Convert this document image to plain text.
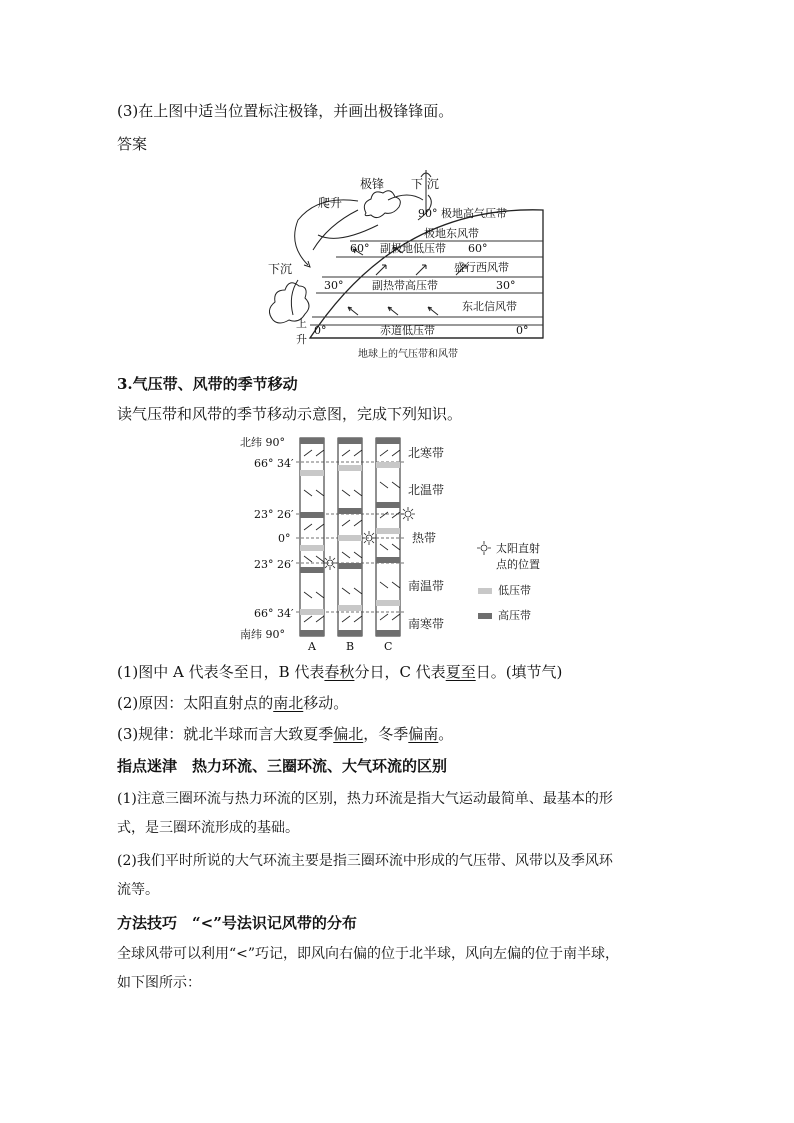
(3)在上图中适当位置标注极锋，并画出极锋锋面。
答案
极锋 下 沉
爬升
90° 极地高气压带
极地东风带
60° 副极地低压带 60°
盛行西风带
下沉
30°	副热带高压带	30°
东北信风带
上
升
0°	赤道低压带	0°
地球上的气压带和风带
3.气压带、风带的季节移动
读气压带和风带的季节移动示意图，完成下列知识。
北纬 90°
66° 34′
23° 26′
0°
23° 26′
66° 34′
南纬 90°
北寒带
北温带
热带
南温带
南寒带
A	B	C
太阳直射
点的位置
低压带
高压带
(1)图中 A 代表冬至日，B 代表春秋分日，C 代表夏至日。(填节气)
(2)原因：太阳直射点的南北移动。
(3)规律：就北半球而言大致夏季偏北，冬季偏南。
指点迷津　热力环流、三圈环流、大气环流的区别
(1)注意三圈环流与热力环流的区别，热力环流是指大气运动最简单、最基本的形
式，是三圈环流形成的基础。
(2)我们平时所说的大气环流主要是指三圈环流中形成的气压带、风带以及季风环
流等。
方法技巧　“<”号法识记风带的分布
全球风带可以利用“<”巧记，即风向右偏的位于北半球，风向左偏的位于南半球，
如下图所示：
